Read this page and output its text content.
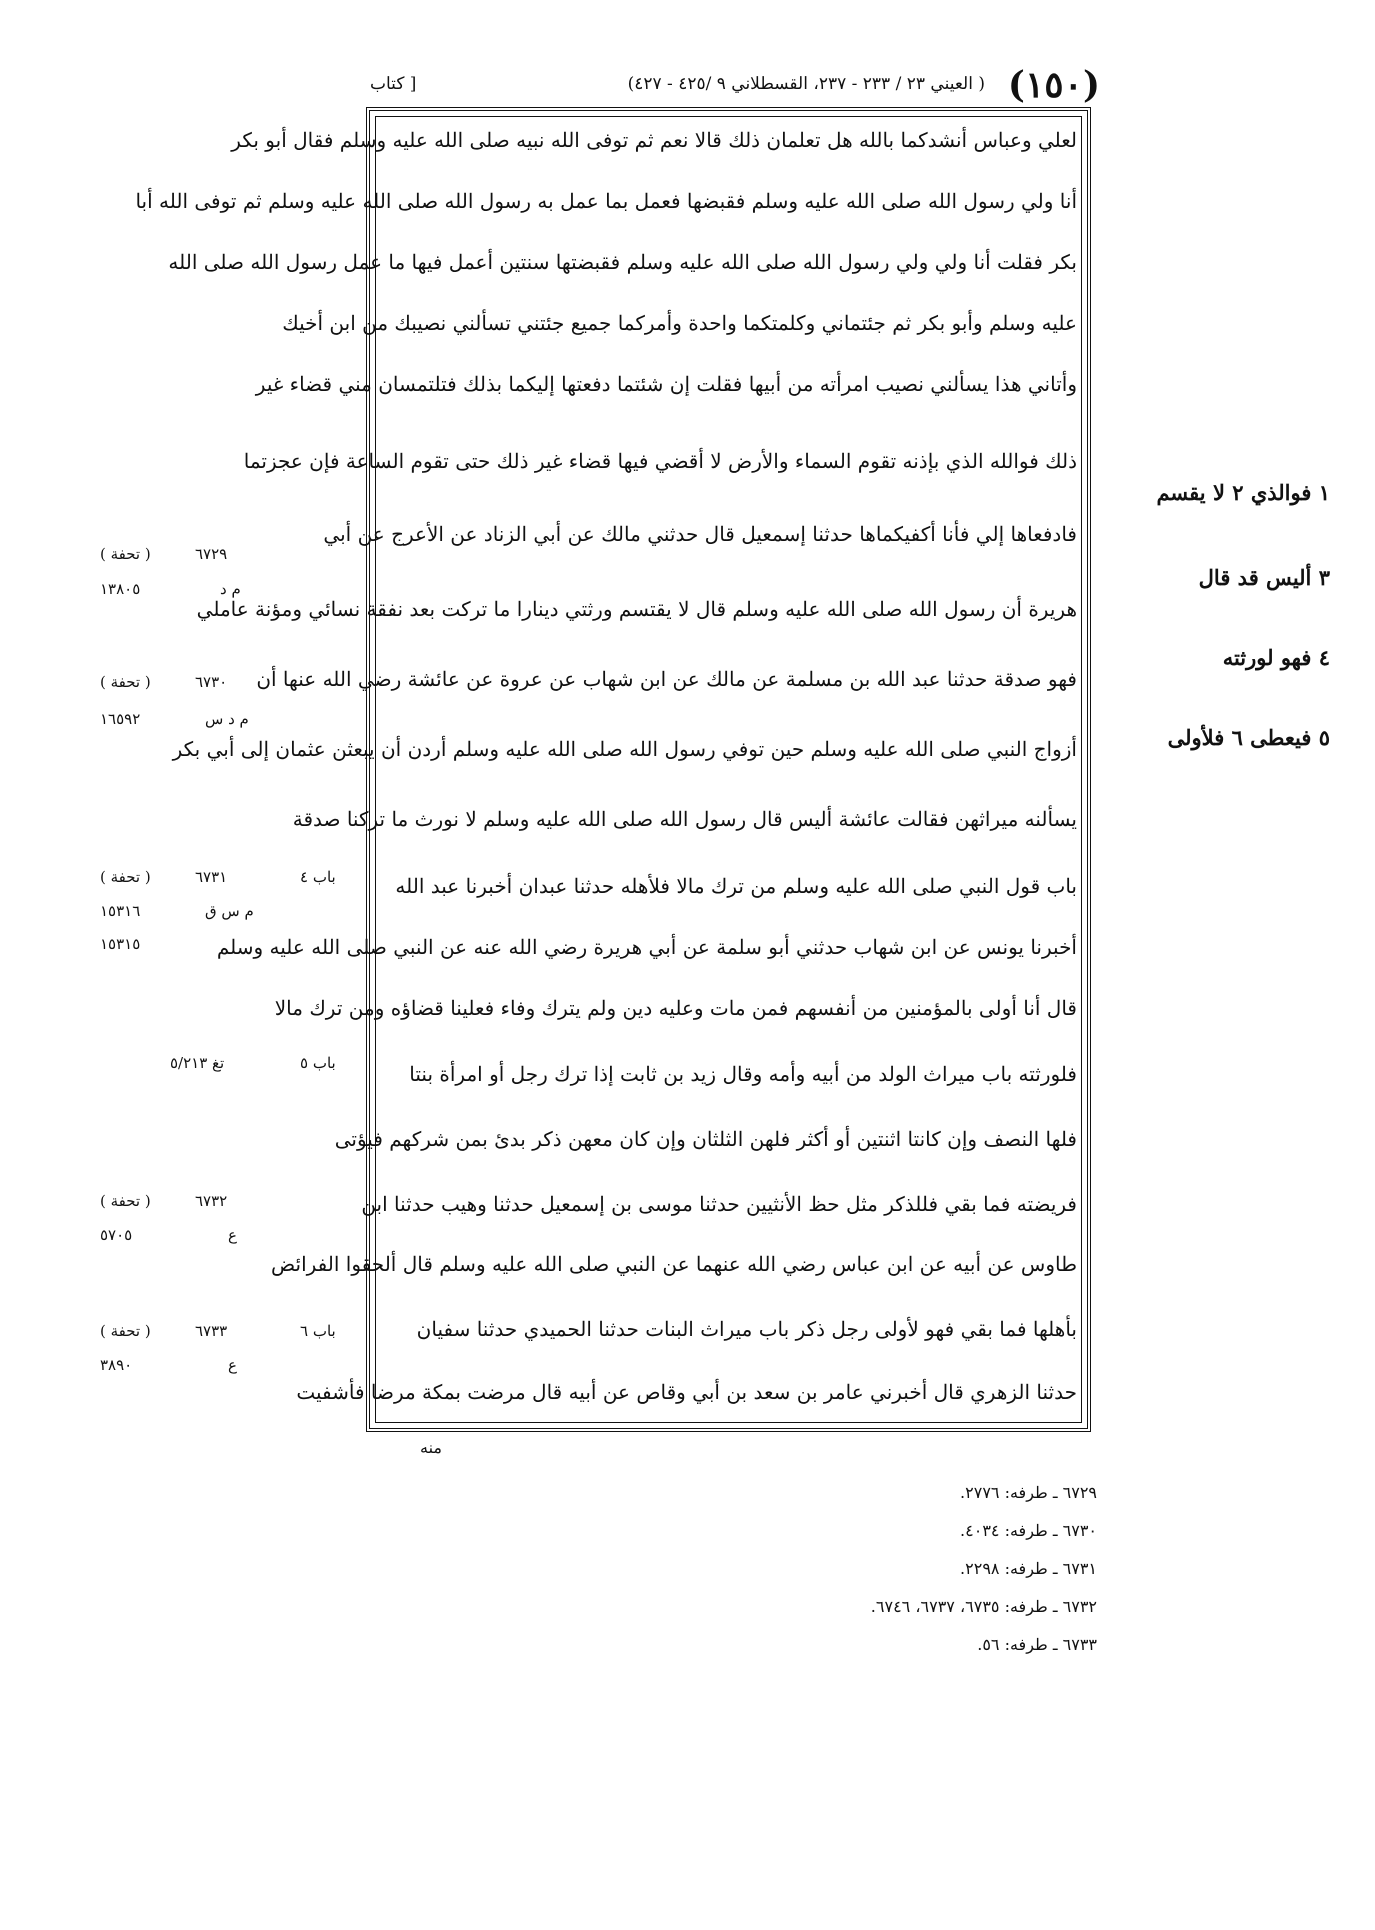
(١٥٠)
( العيني ٢٣ / ٢٣٣ - ٢٣٧، القسطلاني ٩ /٤٢٥ - ٤٢٧)
[ كتاب
لعلي وعباس أنشدكما بالله هل تعلمان ذلك قالا نعم ثم توفى الله نبيه صلى الله عليه وسلم فقال أبو بكر
أنا ولي رسول الله صلى الله عليه وسلم فقبضها فعمل بما عمل به رسول الله صلى الله عليه وسلم ثم توفى الله أبا
بكر فقلت أنا ولي ولي رسول الله صلى الله عليه وسلم فقبضتها سنتين أعمل فيها ما عمل رسول الله صلى الله
عليه وسلم وأبو بكر ثم جئتماني وكلمتكما واحدة وأمركما جميع جئتني تسألني نصيبك من ابن أخيك
وأتاني هذا يسألني نصيب امرأته من أبيها فقلت إن شئتما دفعتها إليكما بذلك فتلتمسان مني قضاء غير
ذلك فوالله الذي بإذنه تقوم السماء والأرض لا أقضي فيها قضاء غير ذلك حتى تقوم الساعة فإن عجزتما
فادفعاها إلي فأنا أكفيكماها حدثنا إسمعيل قال حدثني مالك عن أبي الزناد عن الأعرج عن أبي
هريرة أن رسول الله صلى الله عليه وسلم قال لا يقتسم ورثتي دينارا ما تركت بعد نفقة نسائي ومؤنة عاملي
فهو صدقة حدثنا عبد الله بن مسلمة عن مالك عن ابن شهاب عن عروة عن عائشة رضي الله عنها أن
أزواج النبي صلى الله عليه وسلم حين توفي رسول الله صلى الله عليه وسلم أردن أن يبعثن عثمان إلى أبي بكر
يسألنه ميراثهن فقالت عائشة أليس قال رسول الله صلى الله عليه وسلم لا نورث ما تركنا صدقة
باب قول النبي صلى الله عليه وسلم من ترك مالا فلأهله حدثنا عبدان أخبرنا عبد الله
أخبرنا يونس عن ابن شهاب حدثني أبو سلمة عن أبي هريرة رضي الله عنه عن النبي صلى الله عليه وسلم
قال أنا أولى بالمؤمنين من أنفسهم فمن مات وعليه دين ولم يترك وفاء فعلينا قضاؤه ومن ترك مالا
فلورثته باب ميراث الولد من أبيه وأمه وقال زيد بن ثابت إذا ترك رجل أو امرأة بنتا
فلها النصف وإن كانتا اثنتين أو أكثر فلهن الثلثان وإن كان معهن ذكر بدئ بمن شركهم فيؤتى
فريضته فما بقي فللذكر مثل حظ الأنثيين حدثنا موسى بن إسمعيل حدثنا وهيب حدثنا ابن
طاوس عن أبيه عن ابن عباس رضي الله عنهما عن النبي صلى الله عليه وسلم قال ألحقوا الفرائض
بأهلها فما بقي فهو لأولى رجل ذكر باب ميراث البنات حدثنا الحميدي حدثنا سفيان
حدثنا الزهري قال أخبرني عامر بن سعد بن أبي وقاص عن أبيه قال مرضت بمكة مرضا فأشفيت
١ فوالذي ٢ لا يقسم
٣ أليس قد قال
٤ فهو لورثته
٥ فيعطى ٦ فلأولى
( تحفة )	٦٧٢٩
١٣٨٠٥	م د
( تحفة )	٦٧٣٠
١٦٥٩٢	م د س
( تحفة )	٦٧٣١	باب ٤
١٥٣١٦	م س ق
١٥٣١٥
تغ ٥/٢١٣	باب ٥
( تحفة )	٦٧٣٢
٥٧٠٥	ع
( تحفة )	٦٧٣٣	باب ٦
٣٨٩٠	ع
منه
٦٧٢٩ ـ طرفه: ٢٧٧٦.
٦٧٣٠ ـ طرفه: ٤٠٣٤.
٦٧٣١ ـ طرفه: ٢٢٩٨.
٦٧٣٢ ـ طرفه: ٦٧٣٥، ٦٧٣٧، ٦٧٤٦.
٦٧٣٣ ـ طرفه: ٥٦.
